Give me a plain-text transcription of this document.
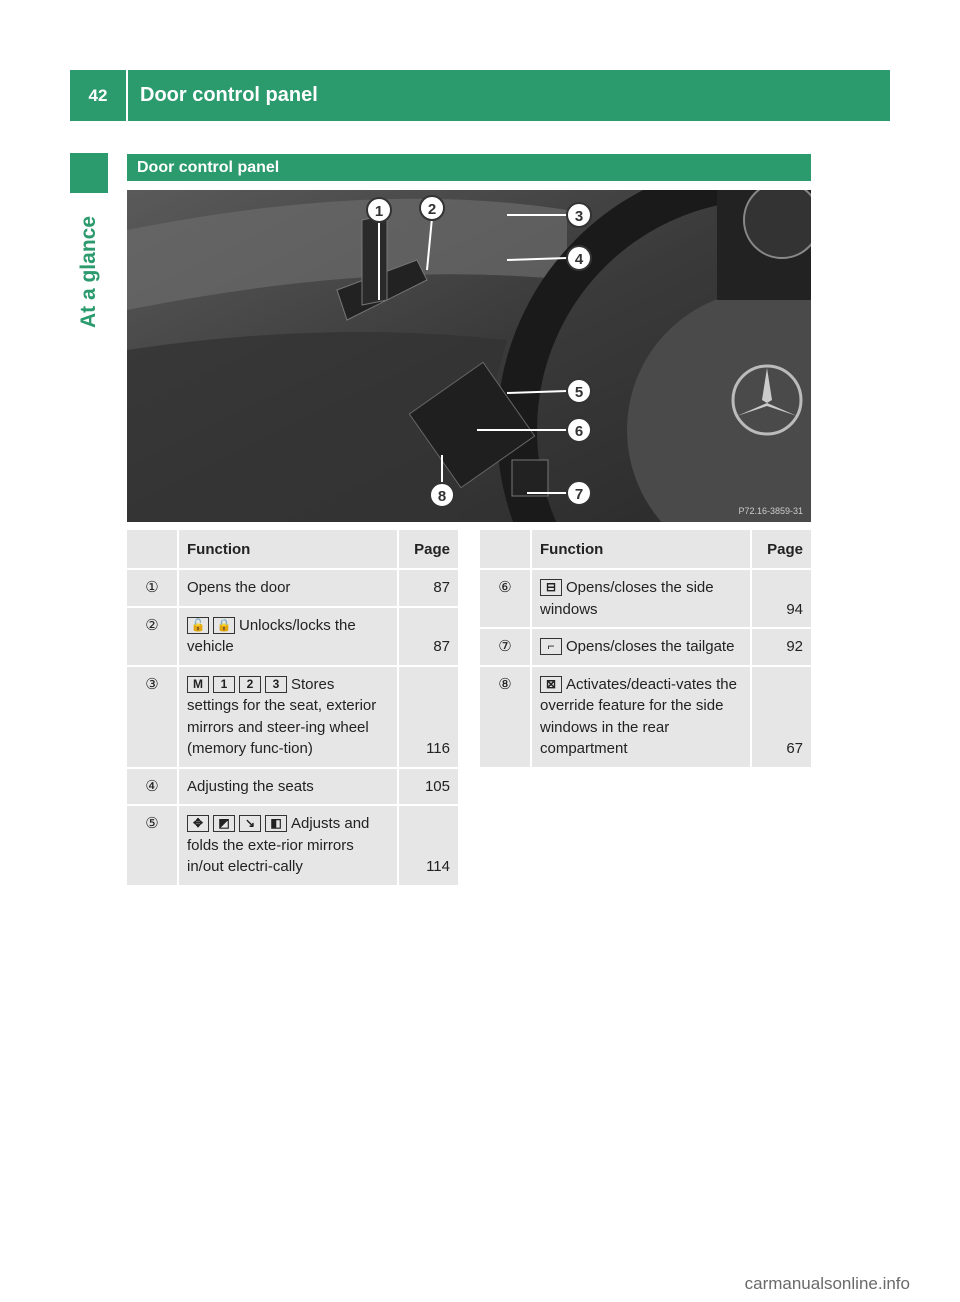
42	Door control panel
At a glance
Door control panel
1	2	3
4
5
6
7
8
P72.16-3859-31
	Function	Page
①	Opens the door	87
②	🔓 🔒 Unlocks/locks the vehicle	87
③	M 1 2 3 Stores settings for the seat, exterior mirrors and steer-ing wheel (memory func-tion)	116
④	Adjusting the seats	105
⑤	✥ ◩ ↘ ◧ Adjusts and folds the exte-rior mirrors in/out electri-cally	114
	Function	Page
⑥	⊟ Opens/closes the side windows	94
⑦	⌐ Opens/closes the tailgate	92
⑧	⊠ Activates/deacti-vates the override feature for the side windows in the rear compartment	67
carmanualsonline.info
